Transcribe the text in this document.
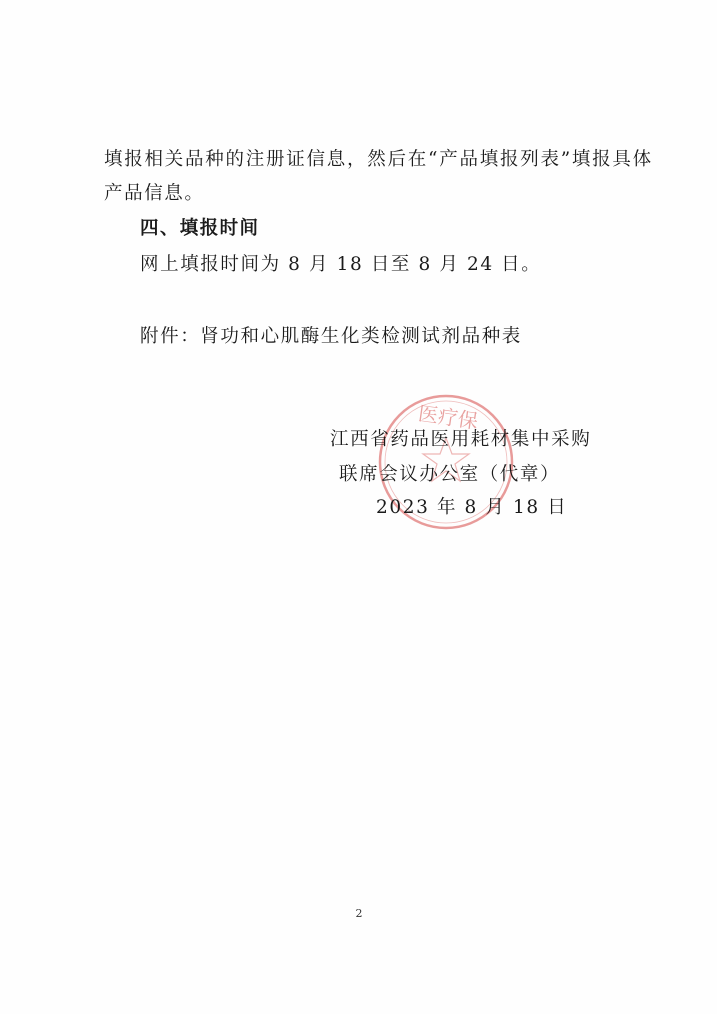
填报相关品种的注册证信息，然后在“产品填报列表”填报具体
产品信息。
四、填报时间
网上填报时间为 8 月 18 日至 8 月 24 日。
附件：肾功和心肌酶生化类检测试剂品种表
医疗保
江西省药品医用耗材集中采购
联席会议办公室（代章）
2023 年 8 月 18 日
2
